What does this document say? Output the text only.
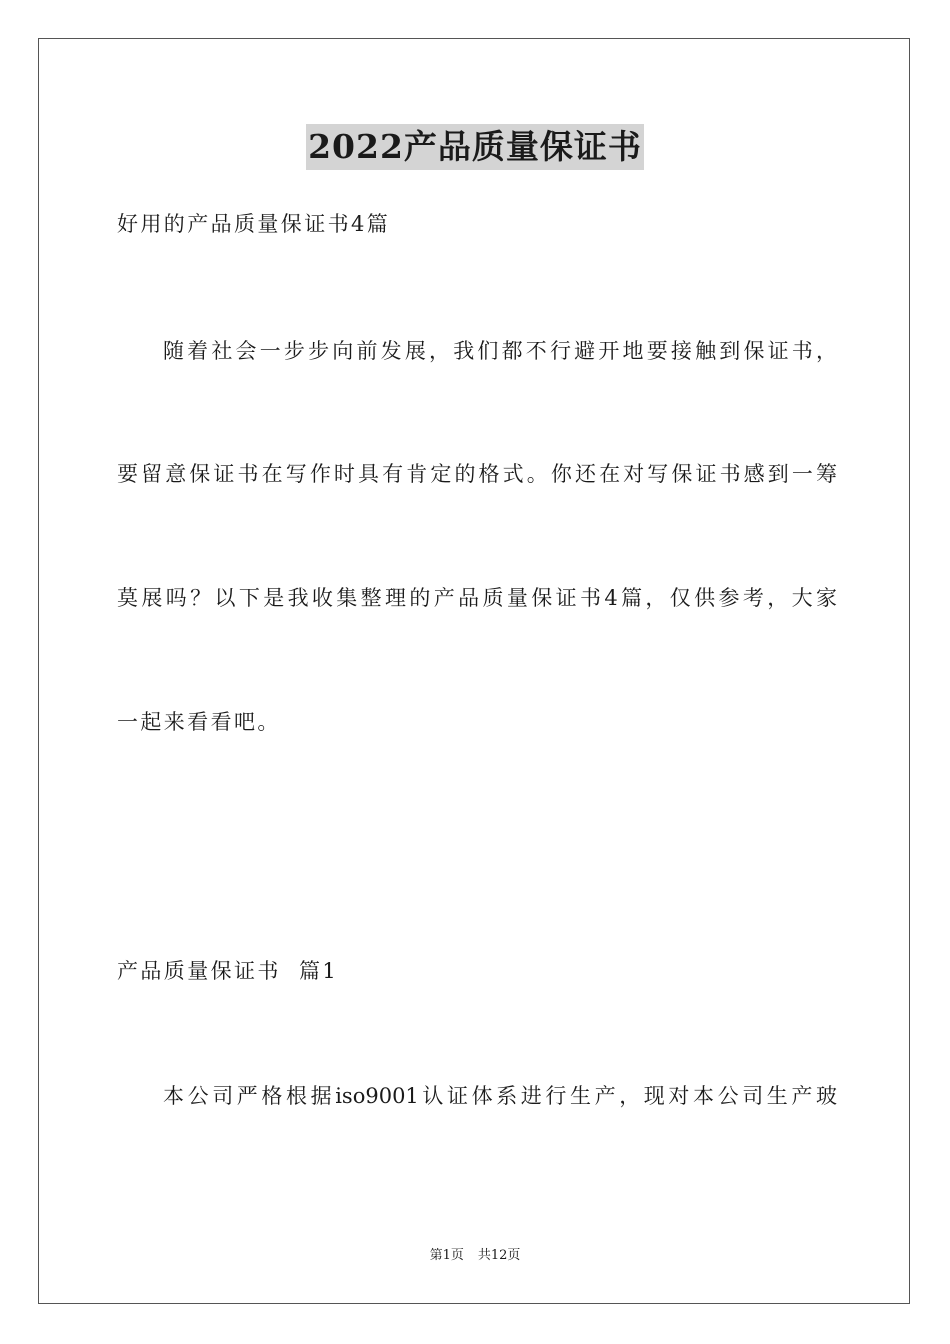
2022产品质量保证书
好用的产品质量保证书4篇
随着社会一步步向前发展，我们都不行避开地要接触到保证书，
要留意保证书在写作时具有肯定的格式。你还在对写保证书感到一筹
莫展吗？以下是我收集整理的产品质量保证书4篇，仅供参考，大家
一起来看看吧。
产品质量保证书  篇1
本公司严格根据iso9001认证体系进行生产，现对本公司生产玻
第1页 共12页
